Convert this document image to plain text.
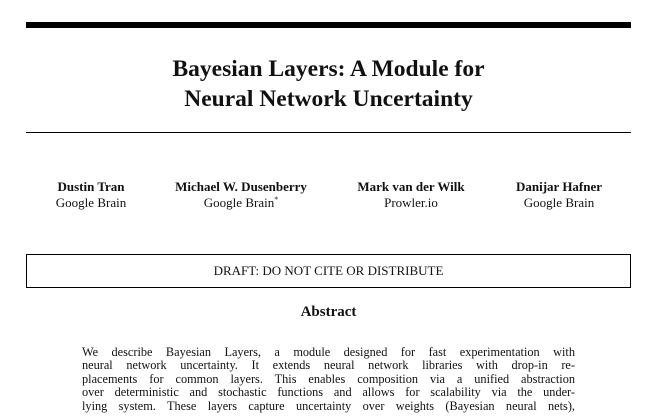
Bayesian Layers: A Module for
Neural Network Uncertainty
Dustin Tran
Google Brain
Michael W. Dusenberry
Google Brain*
Mark van der Wilk
Prowler.io
Danijar Hafner
Google Brain
DRAFT: DO NOT CITE OR DISTRIBUTE
Abstract
We describe Bayesian Layers, a module designed for fast experimentation with
neural network uncertainty. It extends neural network libraries with drop-in re-
placements for common layers. This enables composition via a unified abstraction
over deterministic and stochastic functions and allows for scalability via the under-
lying system. These layers capture uncertainty over weights (Bayesian neural nets),
